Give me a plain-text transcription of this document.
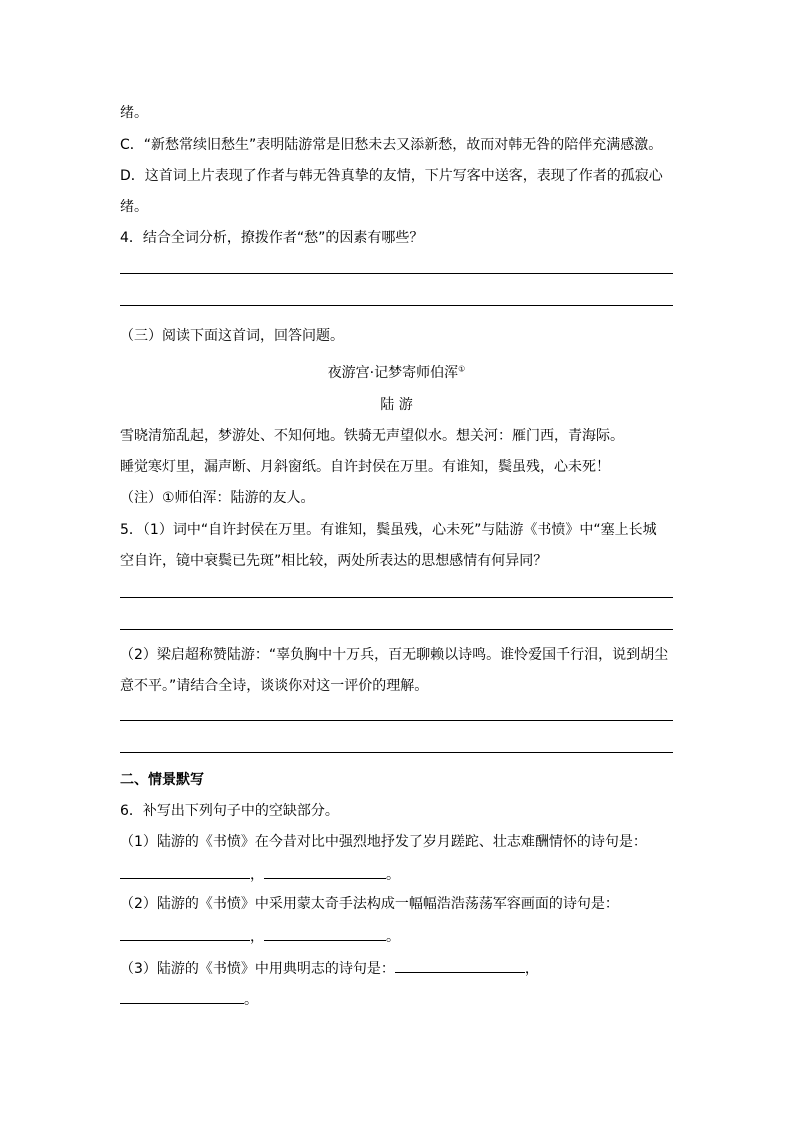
绪。
C．“新愁常续旧愁生”表明陆游常是旧愁未去又添新愁，故而对韩无咎的陪伴充满感激。
D．这首词上片表现了作者与韩无咎真挚的友情，下片写客中送客，表现了作者的孤寂心
绪。
4．结合全词分析，撩拨作者“愁”的因素有哪些？
（三）阅读下面这首词，回答问题。
夜游宫·记梦寄师伯浑①
陆 游
雪晓清笳乱起，梦游处、不知何地。铁骑无声望似水。想关河：雁门西，青海际。
睡觉寒灯里，漏声断、月斜窗纸。自许封侯在万里。有谁知，鬓虽残，心未死！
（注）①师伯浑：陆游的友人。
5．（1）词中“自许封侯在万里。有谁知，鬓虽残，心未死”与陆游《书愤》中“塞上长城
空自许，镜中衰鬓已先斑”相比较，两处所表达的思想感情有何异同？
（2）梁启超称赞陆游：“辜负胸中十万兵，百无聊赖以诗鸣。谁怜爱国千行泪，说到胡尘
意不平。”请结合全诗，谈谈你对这一评价的理解。
二、情景默写
6．补写出下列句子中的空缺部分。
（1）陆游的《书愤》在今昔对比中强烈地抒发了岁月蹉跎、壮志难酬情怀的诗句是：
，	。
（2）陆游的《书愤》中采用蒙太奇手法构成一幅幅浩浩荡荡军容画面的诗句是：
，	。
（3）陆游的《书愤》中用典明志的诗句是：	，
。
